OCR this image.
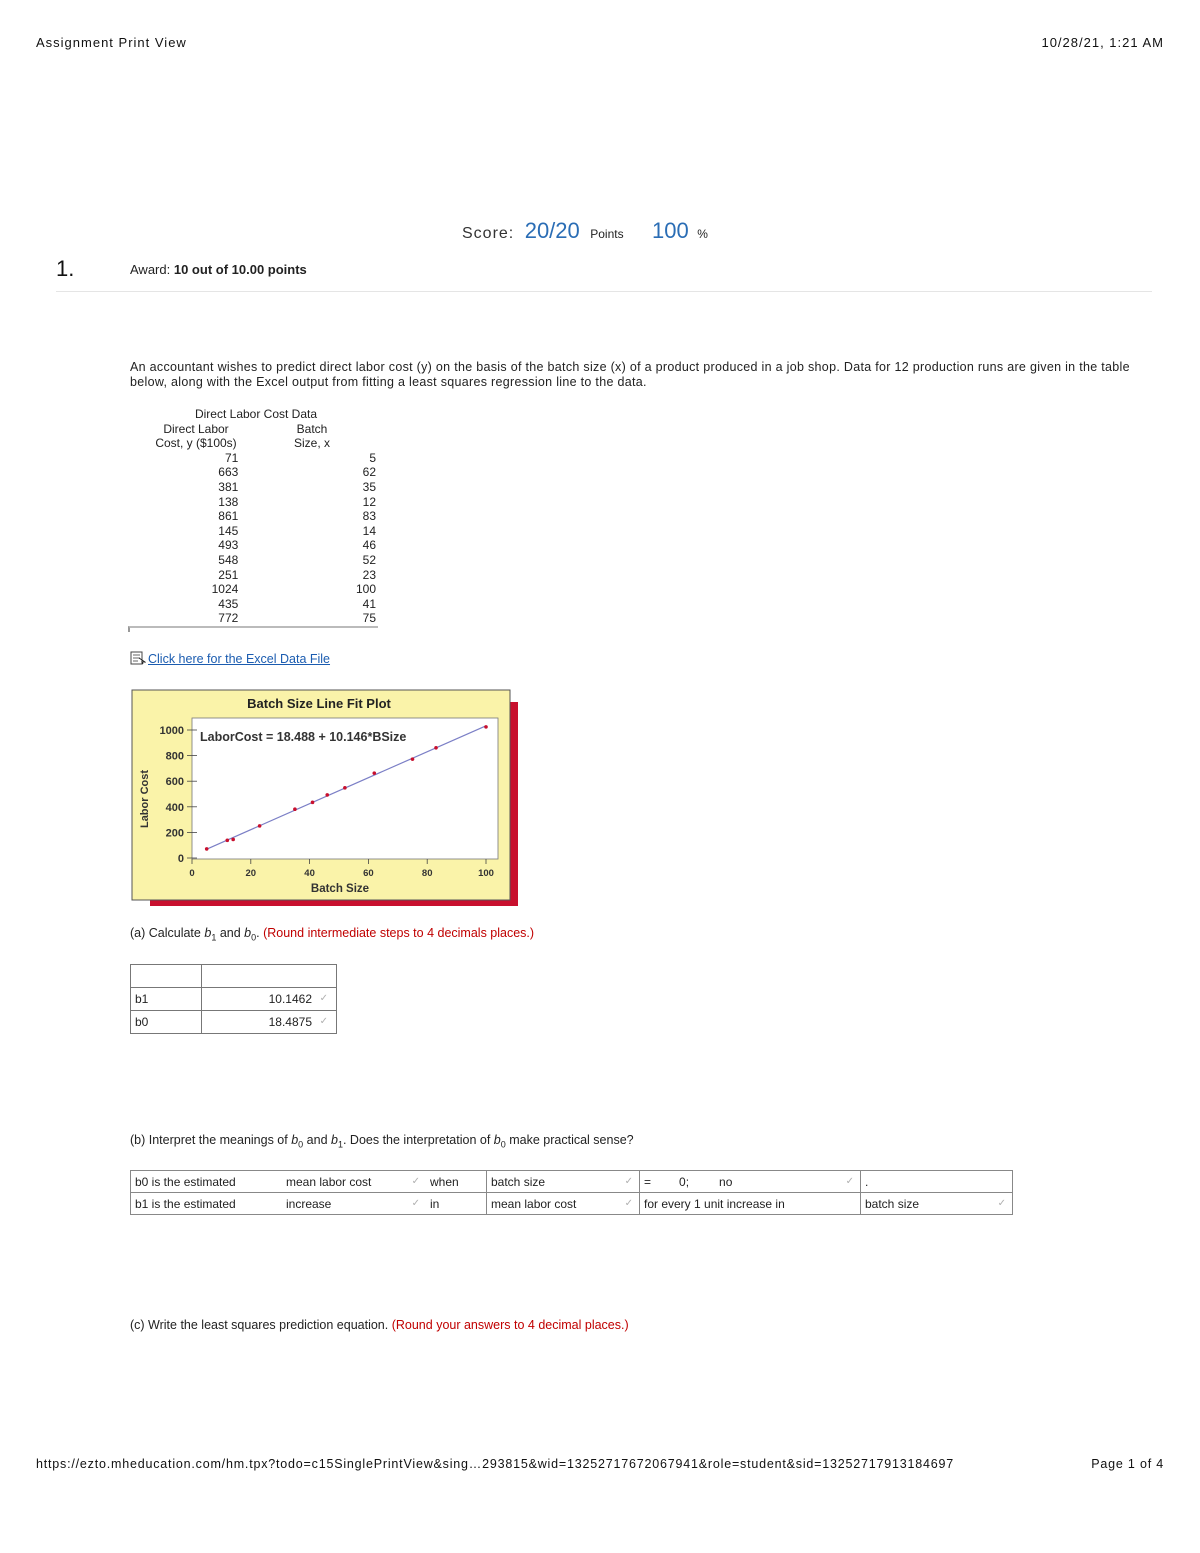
Assignment Print View	10/28/21, 1:21 AM
Score: 20/20 Points 100 %
1.	Award: 10 out of 10.00 points
An accountant wishes to predict direct labor cost (y) on the basis of the batch size (x) of a product produced in a job shop. Data for 12 production runs are given in the table below, along with the Excel output from fitting a least squares regression line to the data.
Direct Labor Cost Data
Direct Labor	Batch
Cost, y ($100s)	Size, x
71	5
663	62
381	35
138	12
861	83
145	14
493	46
548	52
251	23
1024	100
435	41
772	75
Click here for the Excel Data File
Batch Size Line Fit Plot
LaborCost = 18.488 + 10.146*BSize
Batch Size
Labor Cost
0
200
400
600
800
1000
0	20	40	60	80	100
(a) Calculate $b_1$ and $b_0$. (Round intermediate steps to 4 decimals places.)

b1	10.1462 ✓

b0	18.4875 ✓
(b) Interpret the meanings of $b_0$ and $b_1$. Does the interpretation of $b_0$ make practical sense?
b0 is the estimated	mean labor cost ✓	when	batch size ✓	= 0; no ✓	.
b1 is the estimated	increase ✓	in	mean labor cost ✓	for every 1 unit increase in	batch size ✓
(c) Write the least squares prediction equation. (Round your answers to 4 decimal places.)
https://ezto.mheducation.com/hm.tpx?todo=c15SinglePrintView&sing…293815&wid=13252717672067941&role=student&sid=13252717913184697	Page 1 of 4
